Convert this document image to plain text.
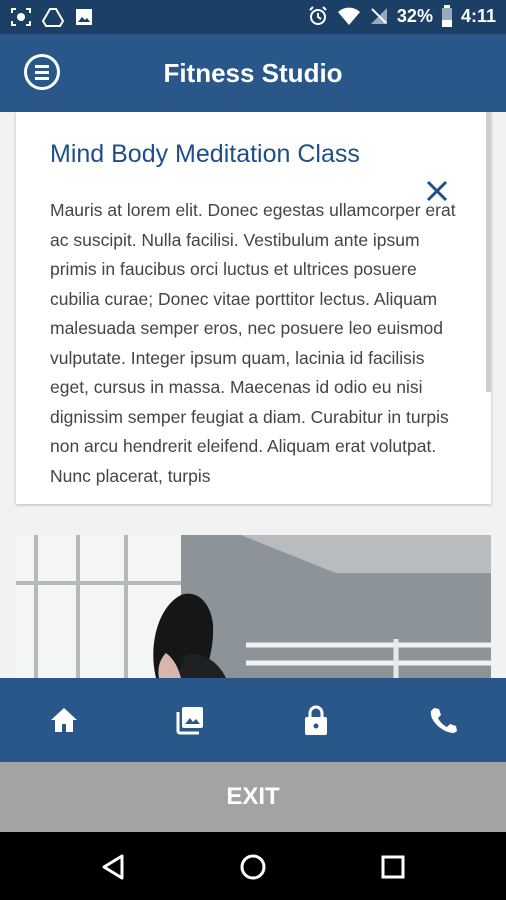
32% 4:11
Fitness Studio
Mind Body Meditation Class
Mauris at lorem elit. Donec egestas ullamcorper erat ac suscipit. Nulla facilisi. Vestibulum ante ipsum primis in faucibus orci luctus et ultrices posuere cubilia curae; Donec vitae porttitor lectus. Aliquam malesuada semper eros, nec posuere leo euismod vulputate. Integer ipsum quam, lacinia id facilisis eget, cursus in massa. Maecenas id odio eu nisi dignissim semper feugiat a diam. Curabitur in turpis non arcu hendrerit eleifend. Aliquam erat volutpat. Nunc placerat, turpis
EXIT
